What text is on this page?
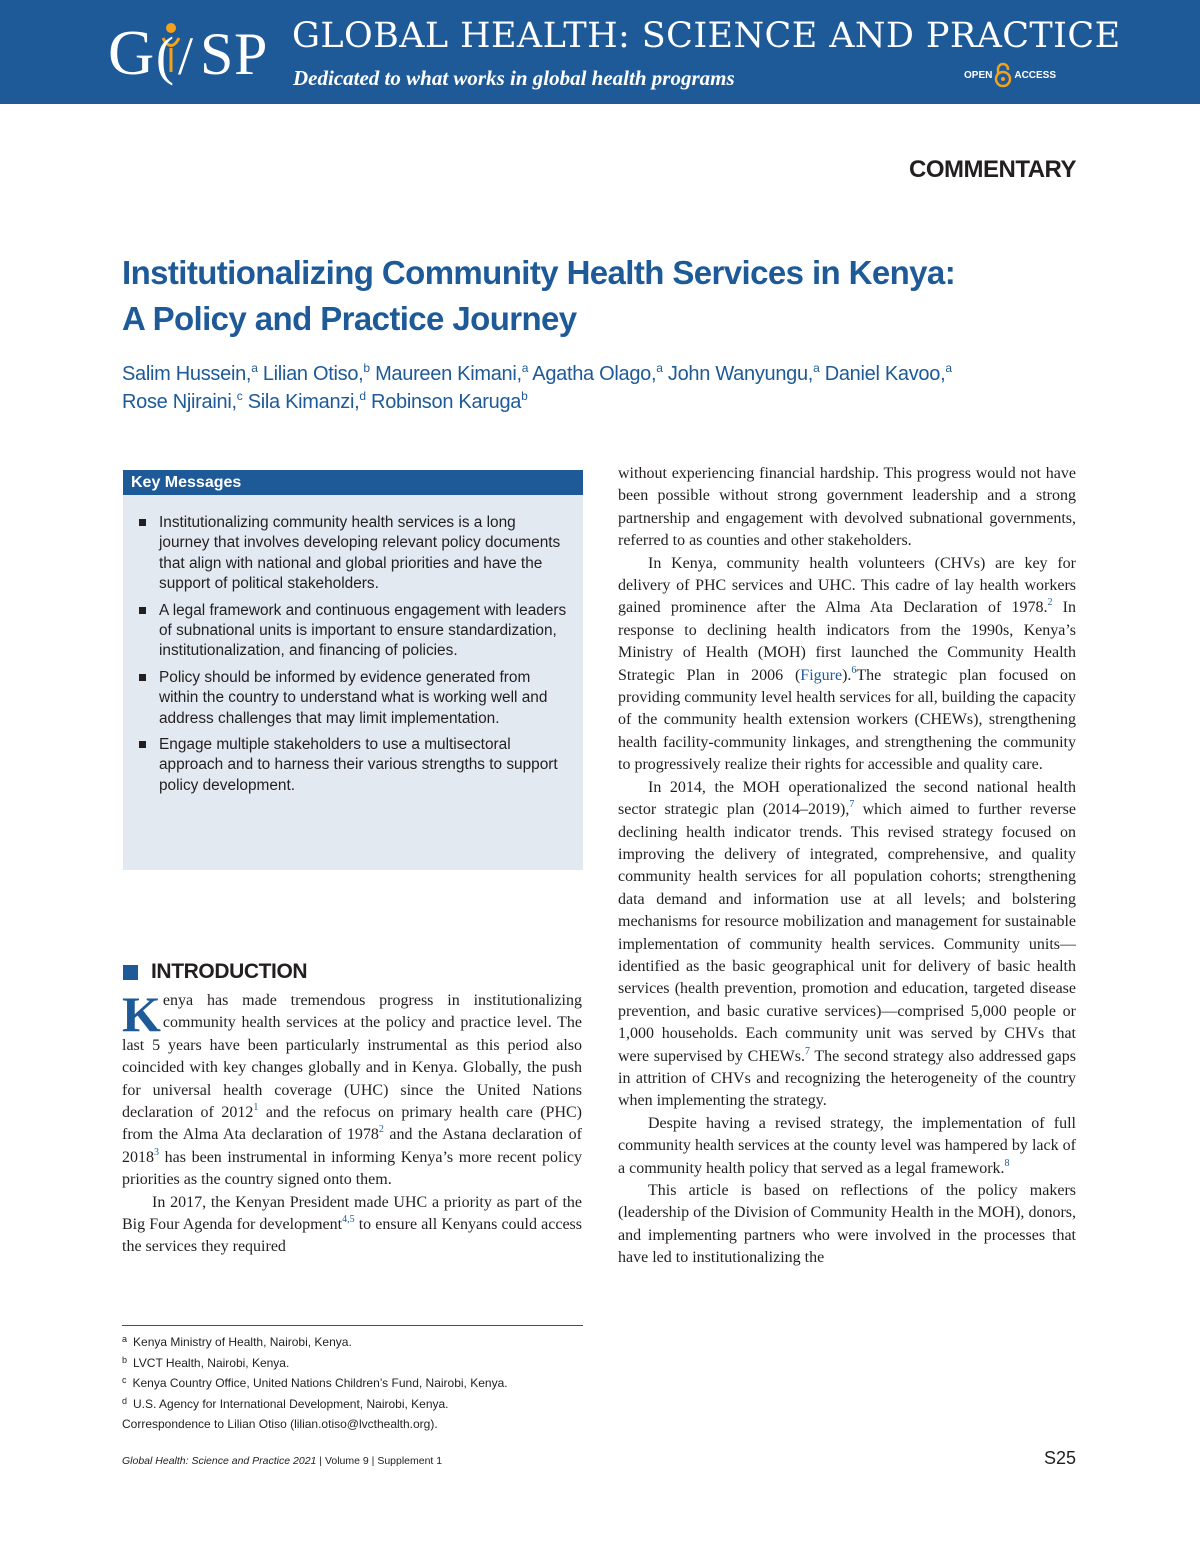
G ( / S P GLOBAL HEALTH: SCIENCE AND PRACTICE
Dedicated to what works in global health programs	OPEN ACCESS
COMMENTARY
Institutionalizing Community Health Services in Kenya:
A Policy and Practice Journey
Salim Hussein,$^a$ Lilian Otiso,$^b$ Maureen Kimani,$^a$ Agatha Olago,$^a$ John Wanyungu,$^a$ Daniel Kavoo,$^a$
Rose Njiraini,$^c$ Sila Kimanzi,$^d$ Robinson Karuga$^b$
Key Messages
Institutionalizing community health services is a long journey that involves developing relevant policy documents that align with national and global priorities and have the support of political stakeholders.
A legal framework and continuous engagement with leaders of subnational units is important to ensure standardization, institutionalization, and financing of policies.
Policy should be informed by evidence generated from within the country to understand what is working well and address challenges that may limit implementation.
Engage multiple stakeholders to use a multisectoral approach and to harness their various strengths to support policy development.
INTRODUCTION

Kenya has made tremendous progress in institutionalizing community health services at the policy and practice level. The last 5 years have been particularly instrumental as this period also coincided with key changes globally and in Kenya. Globally, the push for universal health coverage (UHC) since the United Nations declaration of 2012$^1$ and the refocus on primary health care (PHC) from the Alma Ata declaration of 1978$^2$ and the Astana declaration of 2018$^3$ has been instrumental in informing Kenya’s more recent policy priorities as the country signed onto them.

In 2017, the Kenyan President made UHC a priority as part of the Big Four Agenda for development$^{4,5}$ to ensure all Kenyans could access the services they required

without experiencing financial hardship. This progress would not have been possible without strong government leadership and a strong partnership and engagement with devolved subnational governments, referred to as counties and other stakeholders.

In Kenya, community health volunteers (CHVs) are key for delivery of PHC services and UHC. This cadre of lay health workers gained prominence after the Alma Ata Declaration of 1978.$^2$ In response to declining health indicators from the 1990s, Kenya’s Ministry of Health (MOH) first launched the Community Health Strategic Plan in 2006 (Figure).$^6$The strategic plan focused on providing community level health services for all, building the capacity of the community health extension workers (CHEWs), strengthening health facility-community linkages, and strengthening the community to progressively realize their rights for accessible and quality care.

In 2014, the MOH operationalized the second national health sector strategic plan (2014–2019),$^7$ which aimed to further reverse declining health indicator trends. This revised strategy focused on improving the delivery of integrated, comprehensive, and quality community health services for all population cohorts; strengthening data demand and information use at all levels; and bolstering mechanisms for resource mobilization and management for sustainable implementation of community health services. Community units—identified as the basic geographical unit for delivery of basic health services (health prevention, promotion and education, targeted disease prevention, and basic curative services)—comprised 5,000 people or 1,000 households. Each community unit was served by CHVs that were supervised by CHEWs.$^7$ The second strategy also addressed gaps in attrition of CHVs and recognizing the heterogeneity of the country when implementing the strategy.

Despite having a revised strategy, the implementation of full community health services at the county level was hampered by lack of a community health policy that served as a legal framework.$^8$

This article is based on reflections of the policy makers (leadership of the Division of Community Health in the MOH), donors, and implementing partners who were involved in the processes that have led to institutionalizing the

$^a$ Kenya Ministry of Health, Nairobi, Kenya.
$^b$ LVCT Health, Nairobi, Kenya.
$^c$ Kenya Country Office, United Nations Children’s Fund, Nairobi, Kenya.
$^d$ U.S. Agency for International Development, Nairobi, Kenya.
Correspondence to Lilian Otiso (lilian.otiso@lvcthealth.org).
Global Health: Science and Practice 2021 | Volume 9 | Supplement 1	S25
